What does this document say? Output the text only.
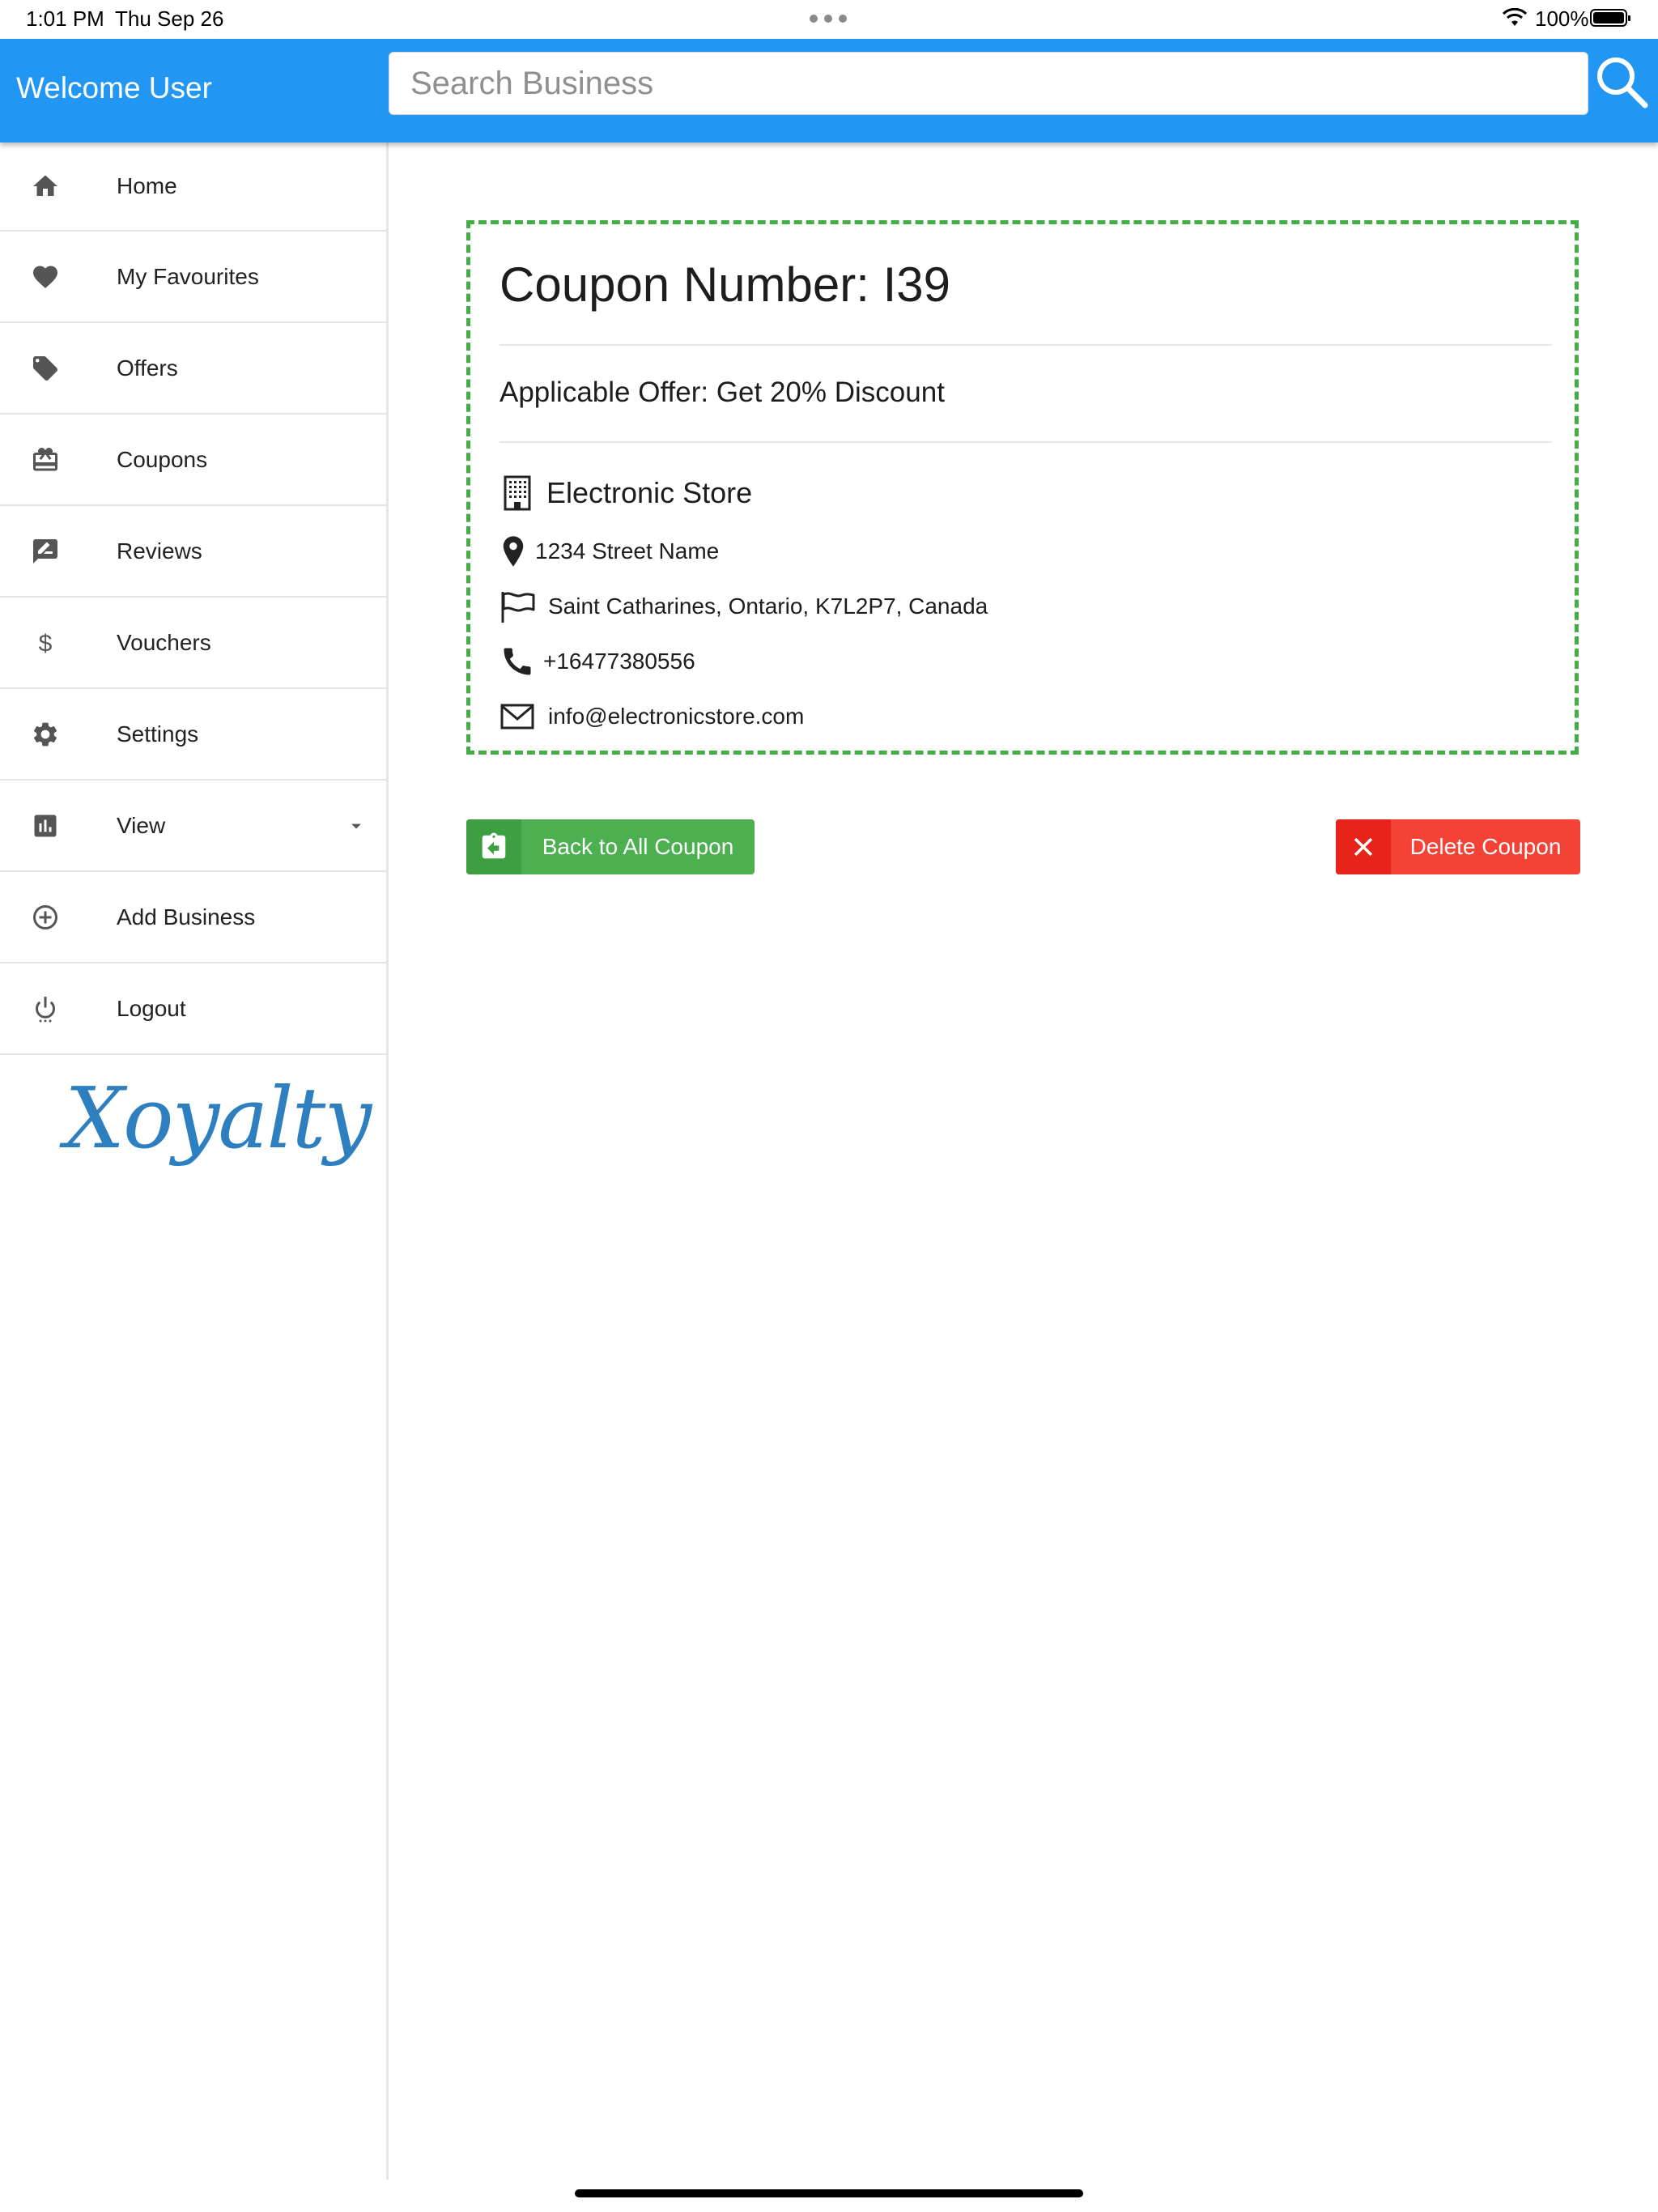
1:01 PM Thu Sep 26	100%
Welcome User
Search Business
Home
My Favourites
Offers
Coupons
Reviews
$	Vouchers
Settings
View
Add Business
Logout
Xoyalty
Coupon Number: I39
Applicable Offer: Get 20% Discount
Electronic Store
1234 Street Name
Saint Catharines, Ontario, K7L2P7, Canada
+16477380556
info@electronicstore.com
Back to All Coupon	Delete Coupon
